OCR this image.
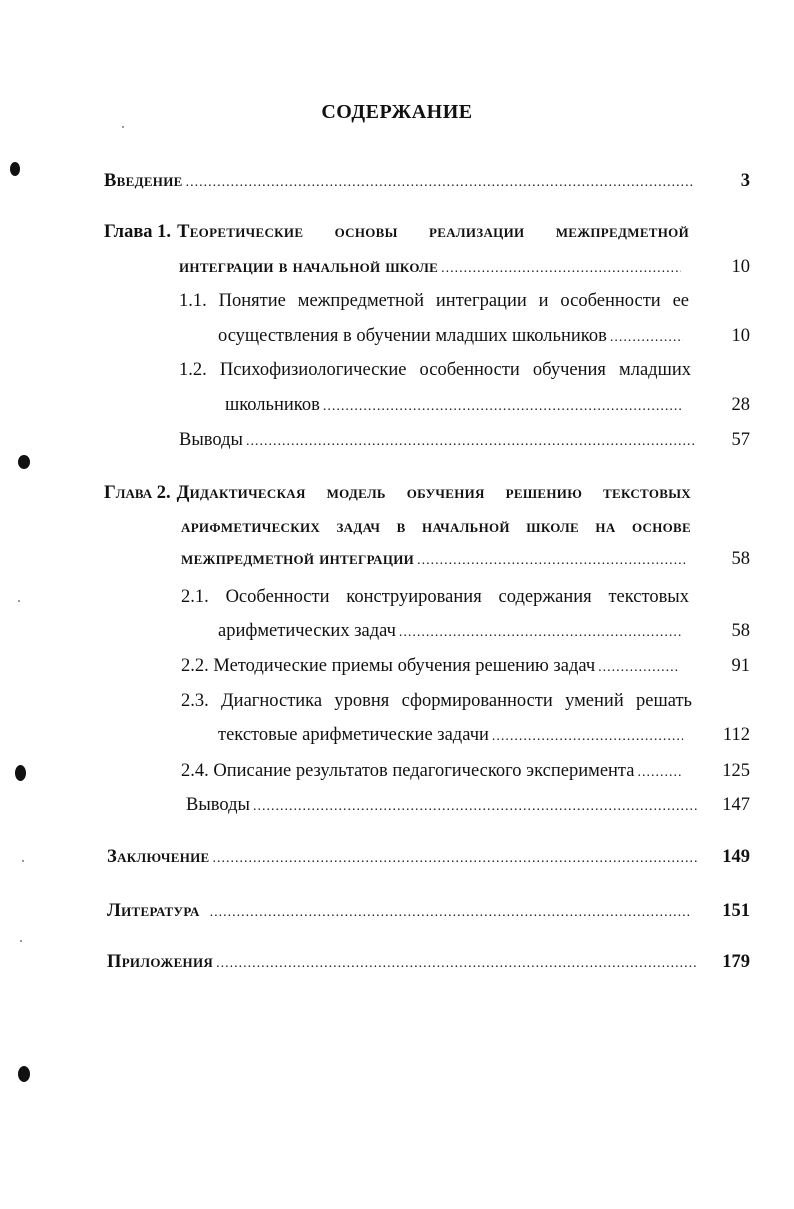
СОДЕРЖАНИЕ
Введение .....	3
Глава 1. Теоретические основы реализации межпредметной
интеграции в начальной школе .....	10
1.1. Понятие межпредметной интеграции и особенности ее
осуществления в обучении младших школьников .....	10
1.2. Психофизиологические особенности обучения младших
школьников .....	28
Выводы .....	57
Глава 2. Дидактическая модель обучения решению текстовых
арифметических задач в начальной школе на основе
межпредметной интеграции .....	58
2.1. Особенности конструирования содержания текстовых
арифметических задач .....	58
2.2. Методические приемы обучения решению задач .....	91
2.3. Диагностика уровня сформированности умений решать
текстовые арифметические задачи .....	112
2.4. Описание результатов педагогического эксперимента .....	125
Выводы .....	147
Заключение .....	149
Литература .....	151
Приложения .....	179
